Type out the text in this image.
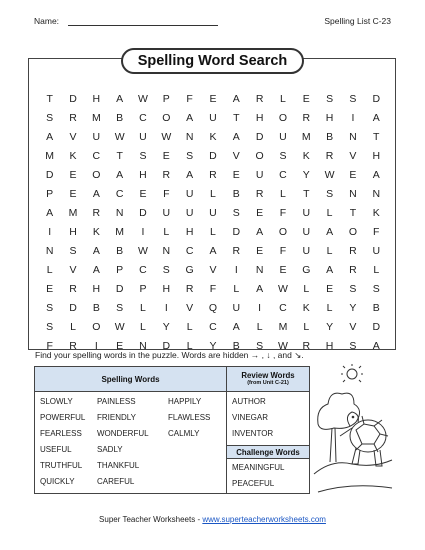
Name:	Spelling List C-23
Spelling Word Search
T	D	H	A	W	P	F	E	A	R	L	E	S	S	D
S	R	M	B	C	O	A	U	T	H	O	R	H	I	A
A	V	U	W	U	W	N	K	A	D	U	M	B	N	T
M	K	C	T	S	E	S	D	V	O	S	K	R	V	H
D	E	O	A	H	R	A	R	E	U	C	Y	W	E	A
P	E	A	C	E	F	U	L	B	R	L	T	S	N	N
A	M	R	N	D	U	U	U	S	E	F	U	L	T	K
I	H	K	M	I	L	H	L	D	A	O	U	A	O	F
N	S	A	B	W	N	C	A	R	E	F	U	L	R	U
L	V	A	P	C	S	G	V	I	N	E	G	A	R	L
E	R	H	D	P	H	R	F	L	A	W	L	E	S	S
S	D	B	S	L	I	V	Q	U	I	C	K	L	Y	B
S	L	O	W	L	Y	L	C	A	L	M	L	Y	V	D
F	R	I	E	N	D	L	Y	B	S	W	R	H	S	A
Find your spelling words in the puzzle. Words are hidden → , ↓ , and ↘.
Spelling Words
SLOWLY
POWERFUL
FEARLESS
USEFUL
TRUTHFUL
QUICKLY
PAINLESS
FRIENDLY
WONDERFUL
SADLY
THANKFUL
CAREFUL
HAPPILY
FLAWLESS
CALMLY
Review Words
(from Unit C-21)
AUTHOR
VINEGAR
INVENTOR
Challenge Words
MEANINGFUL
PEACEFUL
Super Teacher Worksheets - www.superteacherworksheets.com
